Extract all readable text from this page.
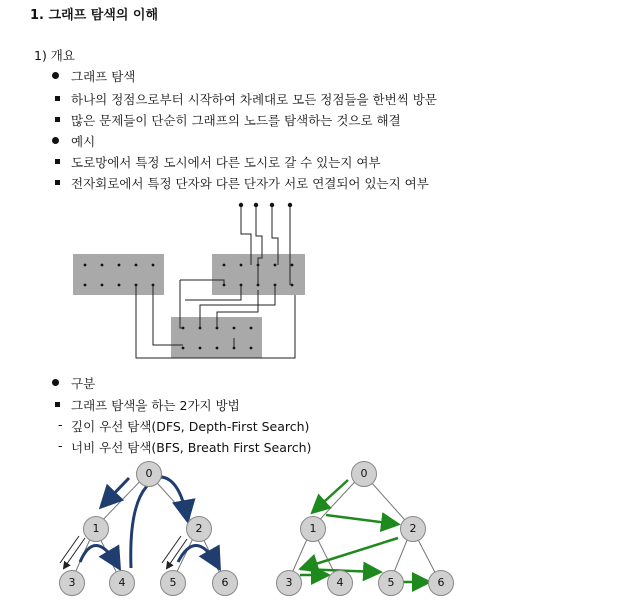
1. 그래프 탐색의 이해
1) 개요
그래프 탐색
하나의 정점으로부터 시작하여 차례대로 모든 정점들을 한번씩 방문
많은 문제들이 단순히 그래프의 노드를 탐색하는 것으로 해결
예시
도로망에서 특정 도시에서 다른 도시로 갈 수 있는지 여부
전자회로에서 특정 단자와 다른 단자가 서로 연결되어 있는지 여부
구분
그래프 탐색을 하는 2가지 방법
- 깊이 우선 탐색(DFS, Depth-First Search)
- 너비 우선 탐색(BFS, Breath First Search)
0
1	2
3	4	5	6
0
1	2
3	4	5	6
